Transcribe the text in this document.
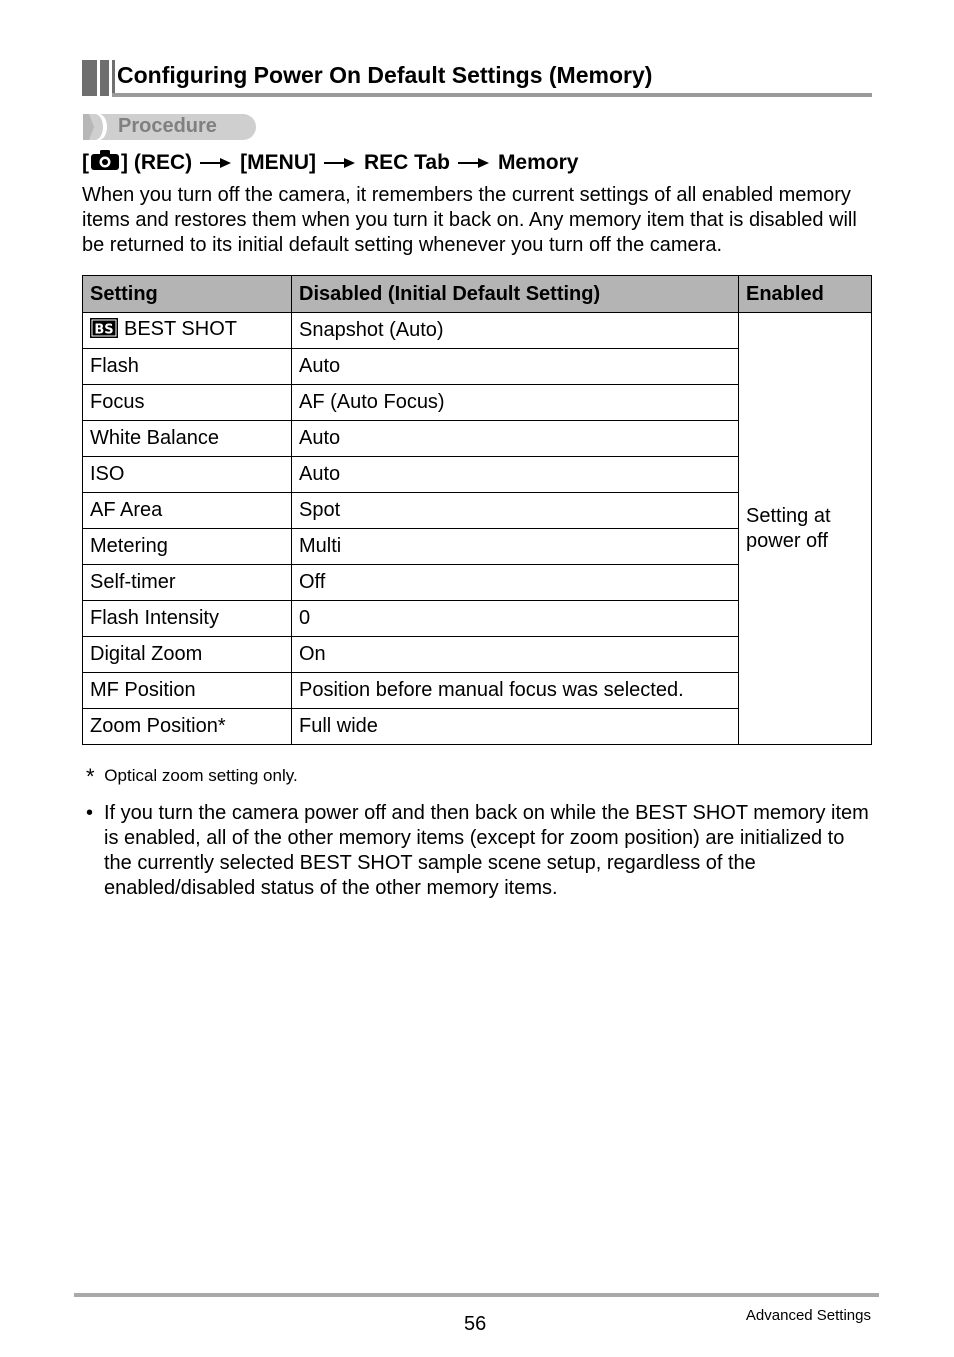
Configuring Power On Default Settings (Memory)
Procedure
[ ] (REC) [MENU] REC Tab Memory
When you turn off the camera, it remembers the current settings of all enabled memory items and restores them when you turn it back on. Any memory item that is disabled will be returned to its initial default setting whenever you turn off the camera.
Setting	Disabled (Initial Default Setting)	Enabled

BS BEST SHOT	Snapshot (Auto)	Setting at
power off
Flash	Auto	
Focus	AF (Auto Focus)	
White Balance	Auto	
ISO	Auto	
AF Area	Spot	
Metering	Multi	
Self-timer	Off	
Flash Intensity	0	
Digital Zoom	On	
MF Position	Position before manual focus was selected.	
Zoom Position*	Full wide	
* Optical zoom setting only.
• If you turn the camera power off and then back on while the BEST SHOT memory item is enabled, all of the other memory items (except for zoom position) are initialized to the currently selected BEST SHOT sample scene setup, regardless of the enabled/disabled status of the other memory items.
56	Advanced Settings
